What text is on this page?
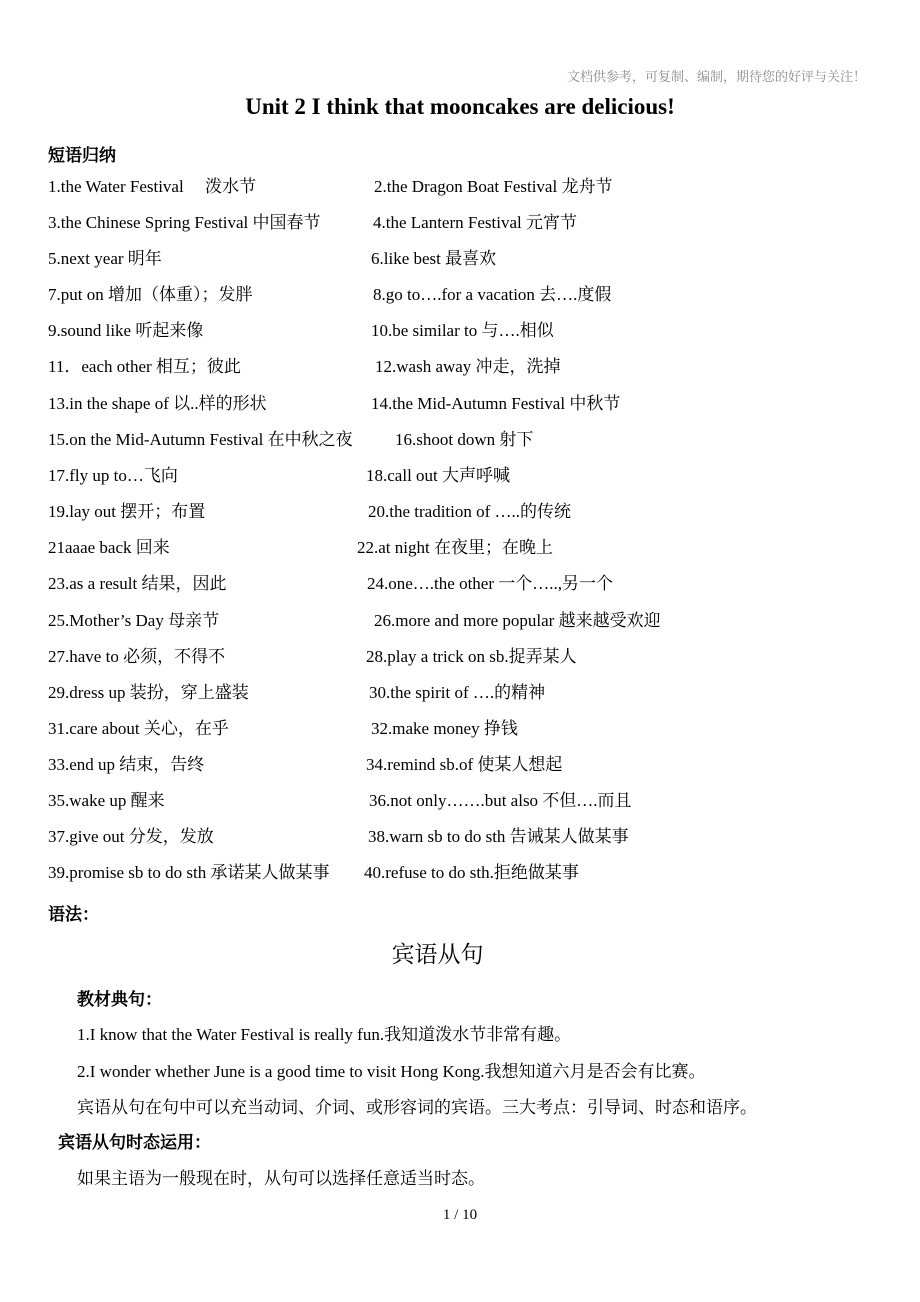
文档供参考，可复制、编制，期待您的好评与关注！
Unit 2 I think that mooncakes are delicious!
短语归纳
1.the Water Festival　 泼水节	2.the Dragon Boat Festival 龙舟节
3.the Chinese Spring Festival 中国春节	4.the Lantern Festival 元宵节
5.next year 明年	6.like best 最喜欢
7.put on 增加（体重）；发胖	8.go to….for a vacation 去….度假
9.sound like 听起来像	10.be similar to 与….相似
11．each other 相互；彼此	12.wash away 冲走，洗掉
13.in the shape of 以..样的形状	14.the Mid-Autumn Festival 中秋节
15.on the Mid-Autumn Festival 在中秋之夜 16.shoot down 射下
17.fly up to…飞向	18.call out 大声呼喊
19.lay out 摆开；布置	20.the tradition of …..的传统
21aaae back 回来	22.at night 在夜里；在晚上
23.as a result 结果，因此	24.one….the other 一个…..,另一个
25.Mother’s Day 母亲节	26.more and more popular 越来越受欢迎
27.have to 必须，不得不	28.play a trick on sb.捉弄某人
29.dress up 装扮，穿上盛装	30.the spirit of ….的精神
31.care about 关心，在乎	32.make money 挣钱
33.end up 结束，告终	34.remind sb.of 使某人想起
35.wake up 醒来	36.not only…….but also 不但….而且
37.give out 分发，发放	38.warn sb to do sth 告诫某人做某事
39.promise sb to do sth 承诺某人做某事 40.refuse to do sth.拒绝做某事
语法：
宾语从句
教材典句：
1.I know that the Water Festival is really fun.我知道泼水节非常有趣。
2.I wonder whether June is a good time to visit Hong Kong.我想知道六月是否会有比赛。
宾语从句在句中可以充当动词、介词、或形容词的宾语。三大考点：引导词、时态和语序。
宾语从句时态运用：
如果主语为一般现在时，从句可以选择任意适当时态。
1 / 10
